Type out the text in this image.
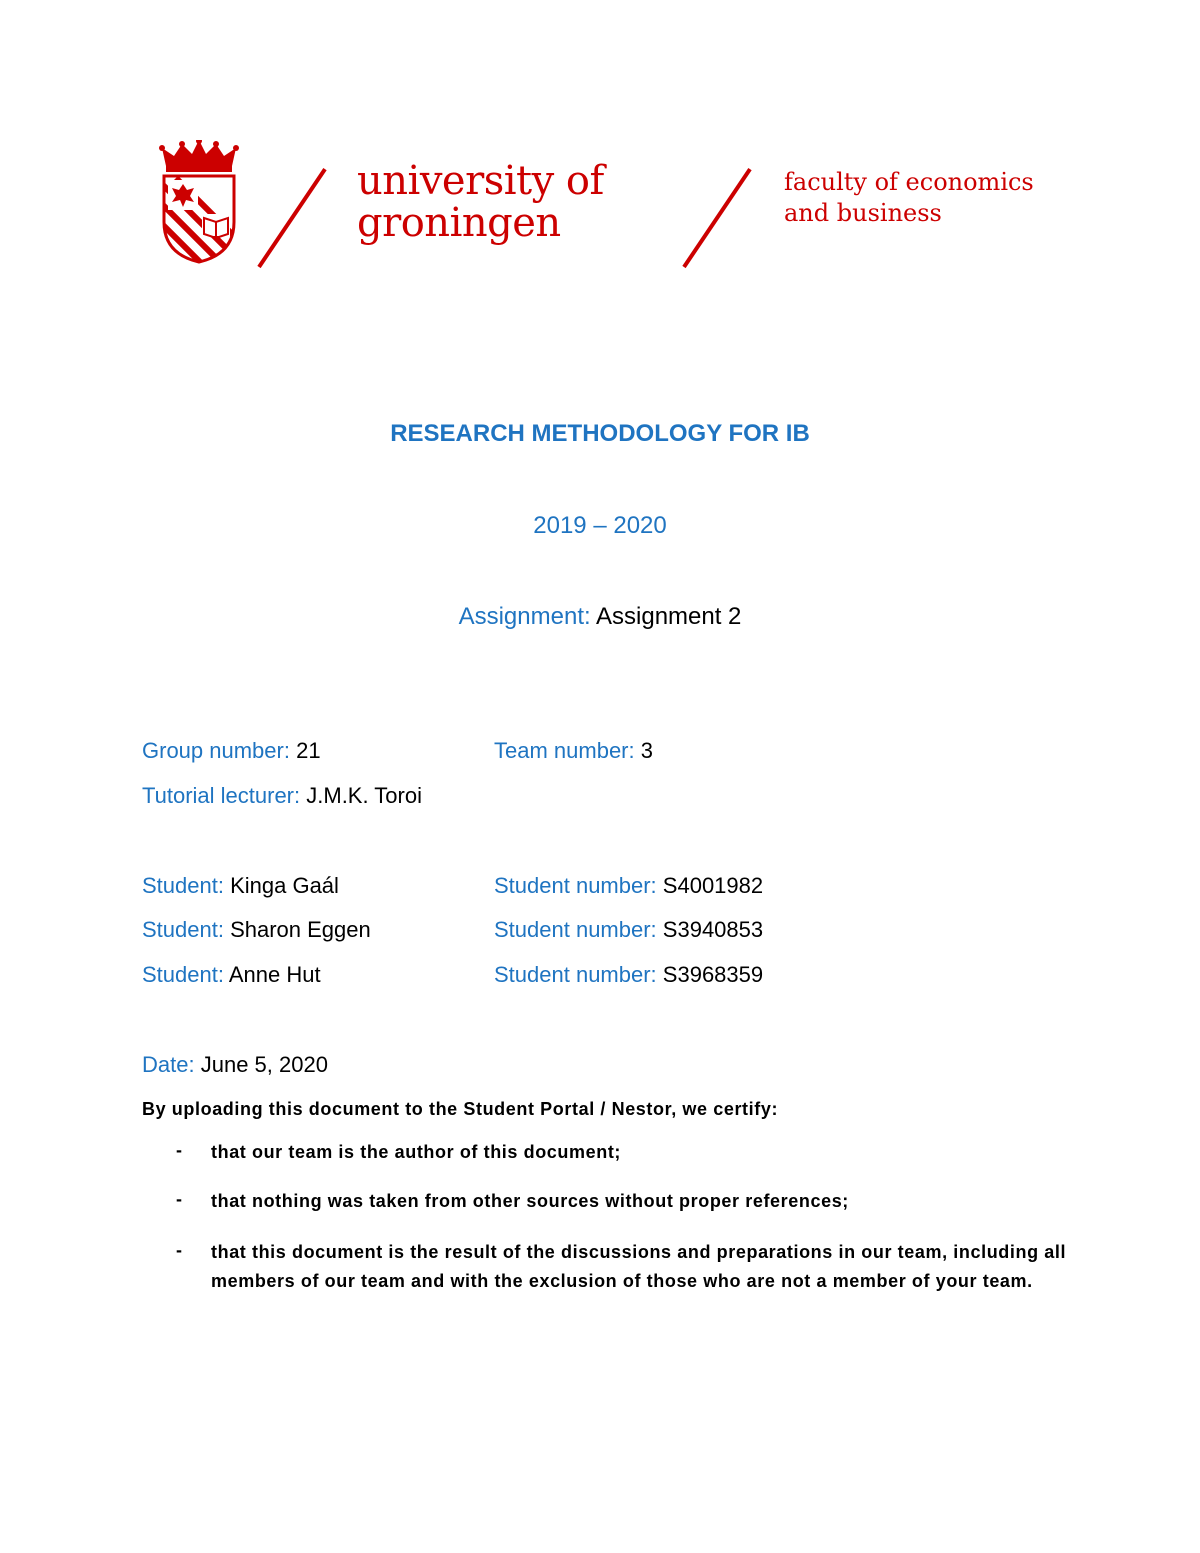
university of
groningen
faculty of economics
and business
RESEARCH METHODOLOGY FOR IB
2019 – 2020
Assignment: Assignment 2
Group number: 21	Team number: 3
Tutorial lecturer: J.M.K. Toroi
Student: Kinga Gaál	Student number: S4001982
Student: Sharon Eggen	Student number: S3940853
Student: Anne Hut	Student number: S3968359
Date: June 5, 2020
By uploading this document to the Student Portal / Nestor, we certify:
- that our team is the author of this document;
- that nothing was taken from other sources without proper references;
- that this document is the result of the discussions and preparations in our team, including all members of our team and with the exclusion of those who are not a member of your team.
